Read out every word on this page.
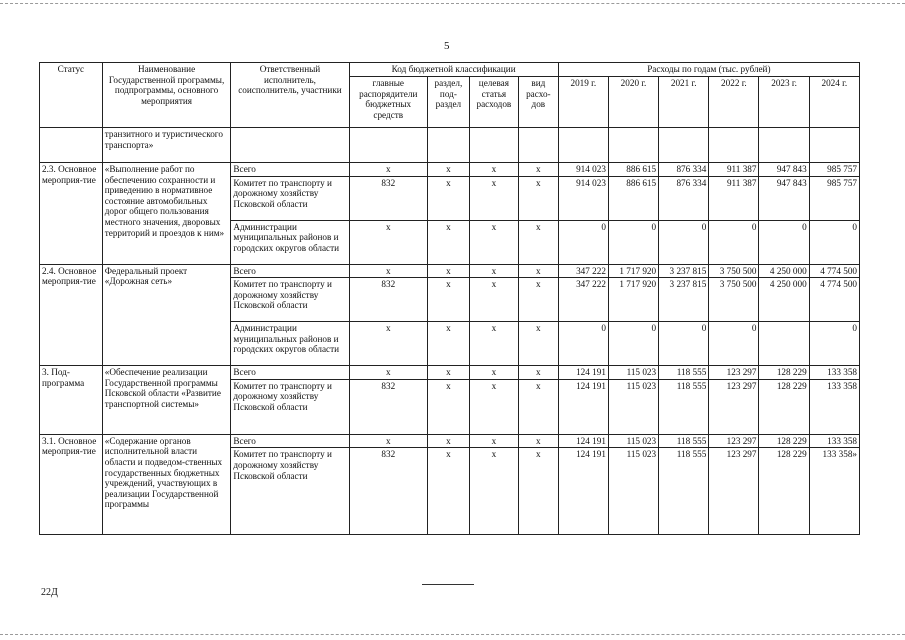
5
Статус	Наименование Государственной программы, подпрограммы, основного мероприятия	Ответственный исполнитель, соисполнитель, участники	Код бюджетной классификации				Расходы по годам (тыс. рублей)					
			главные распорядители бюджетных средств	раздел, под-раздел	целевая статья расходов	вид расхо-дов	2019 г.	2020 г.	2021 г.	2022 г.	2023 г.	2024 г.
	транзитного и туристического транспорта»											
2.3. Основное мероприя-тие	«Выполнение работ по обеспечению сохранности и приведению в нормативное состояние автомобильных дорог общего пользования местного значения, дворовых территорий и проездов к ним»	Всего	х	х	х	х	914 023	886 615	876 334	911 387	947 843	985 757
		Комитет по транспорту и дорожному хозяйству Псковской области	832	х	х	х	914 023	886 615	876 334	911 387	947 843	985 757
		Администрации муниципальных районов и городских округов области	х	х	х	х	0	0	0	0	0	0
2.4. Основное мероприя-тие	Федеральный проект «Дорожная сеть»	Всего	х	х	х	х	347 222	1 717 920	3 237 815	3 750 500	4 250 000	4 774 500
		Комитет по транспорту и дорожному хозяйству Псковской области	832	х	х	х	347 222	1 717 920	3 237 815	3 750 500	4 250 000	4 774 500
		Администрации муниципальных районов и городских округов области	х	х	х	х	0	0	0	0		0
3. Под-программа	«Обеспечение реализации Государственной программы Псковской области «Развитие транспортной системы»	Всего	х	х	х	х	124 191	115 023	118 555	123 297	128 229	133 358
		Комитет по транспорту и дорожному хозяйству Псковской области	832	х	х	х	124 191	115 023	118 555	123 297	128 229	133 358
3.1. Основное мероприя-тие	«Содержание органов исполнительной власти области и подведом-ственных государственных бюджетных учреждений, участвующих в реализации Государственной программы	Всего	х	х	х	х	124 191	115 023	118 555	123 297	128 229	133 358
		Комитет по транспорту и дорожному хозяйству Псковской области	832	х	х	х	124 191	115 023	118 555	123 297	128 229	133 358»
22Д
